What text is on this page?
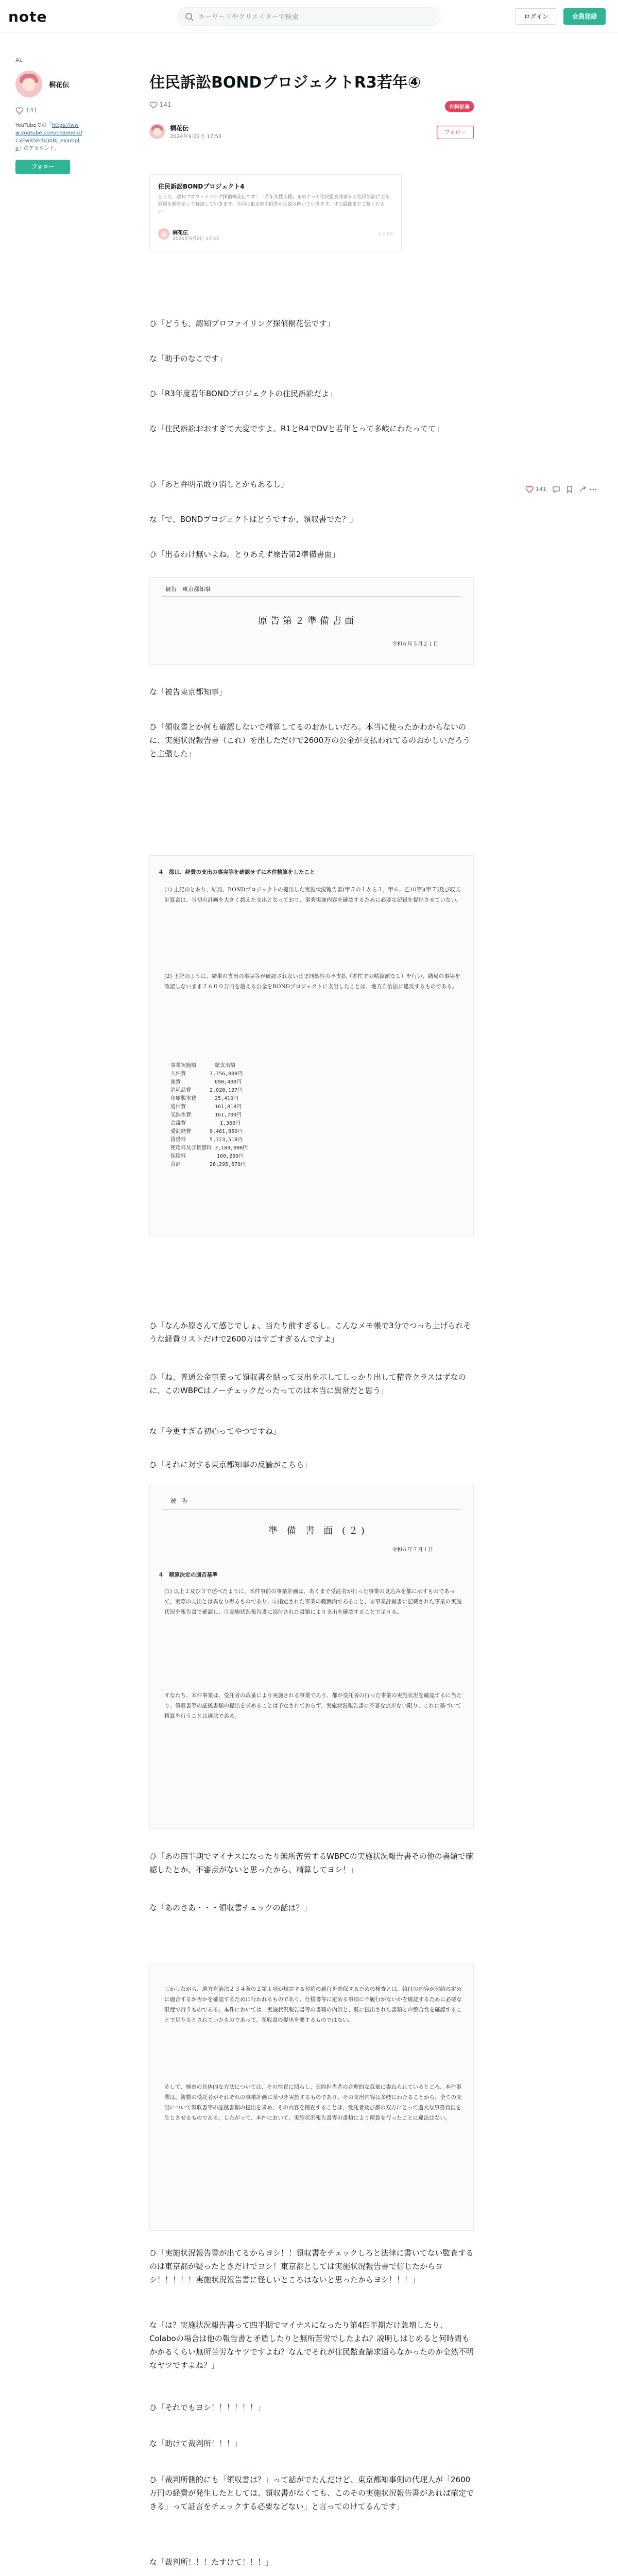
note
キーワードやクリエイターで検索	ログイン	会員登録
AL
桐花伝
141
YouTubeでの「https://www.youtube.com/channel/UCxFwB5PcbQ0BJ_example」のアカウント。
フォロー
住民訴訟BONDプロジェクトR3若年④
141	有料記事
桐花伝
2024年9月2日 17:53
フォロー
住民訴訟BONDプロジェクト4
どうも、認知プロファイリング探偵桐花伝です！「若年女性支援」をめぐって住民監査請求から住民訴訟に至る経緯を順を追って解説していきます。今回は東京都の回答から読み解いていきます。ぜひ最後までご覧ください。
桐花伝
2024年9月2日 17:53
note
141
ひ「どうも、認知プロファイリング探偵桐花伝です」
な「助手のなこです」
ひ「R3年度若年BONDプロジェクトの住民訴訟だよ」
な「住民訴訟おおすぎて大変ですよ。R1とR4でDVと若年とって多岐にわたってて」
ひ「あと弁明示敗り消しとかもあるし」
な「で、BONDプロジェクトはどうですか、領収書でた？」
ひ「出るわけ無いよね。とりあえず原告第2準備書面」
被告　東京都知事
原告第２準備書面
令和６年５月２１日
な「被告東京都知事」
ひ「領収書とか何も確認しないで精算してるのおかしいだろ。本当に使ったかわからないのに、実施状況報告書（これ）を出しただけで2600万の公金が支払われてるのおかしいだろうと主張した」
４　都は、経費の支出の事実等を確認せずに本件精算をしたこと
(1) 上記のとおり、結局、BONDプロジェクトの提出した実施状況報告書(甲５の１から３、甲６、乙10等)(甲７)及び収支計算書は、当初の計画を大きく超えた支出となっており、事業実施内容を確認するために必要な記録を提出させていない。
(2) 上記のように、結果の支出の事実等が確認されないまま同然性の不支払（本件での精算額なし）を行い、結局の事実を確認しないまま２６００万円を超える公金をBONDプロジェクトに支出したことは、地方自治法に違反するものである。
事業実施額　　　 総支出額
人件費　　　　 7,756,000円
旅費　　　　　　 690,400円
消耗品費　　　 2,028,127円
印刷製本費　　　 25,410円
通信費　　　　　 161,810円
光熱水費　　　　 161,700円
会議費　　　　　　 1,360円
委託経費　　　 9,461,850円
賃借料　　　　 5,723,510円
使用料及び賃借料 3,184,000円
保険料　　　　　　100,200円
合計　　　　　 26,295,679円
ひ「なんか原さんて感じでしょ、当たり前すぎるし。こんなメモ帳で3分でつっち上げられそうな経費リストだけで2600万はすごすぎるんですよ」
ひ「ね、普通公金事業って領収書を貼って支出を示してしっかり出して精査クラスはずなのに、このWBPCはノーチェックだったってのは本当に異常だと思う」
な「今更すぎる初心ってやつですね」
ひ「それに対する東京都知事の反論がこちら」
被　告
準 備 書 面 (２)
令和６年７月１日
４　精算決定の適否基準
(1) 以上２及び３で述べたように、本件事前の事業計画は、あくまで受託者が行った事業の見込みを都に示すものであって、実際の支出とは異なり得るものであり、①指定された事業の範囲内であること、②事業計画書に記載された事業の実施状況を報告書で確認し、③実施状況報告書に添付された書類により支出を確認することで足りる。
すなわち、本件事業は、受託者の裁量により実施される事業であり、都が受託者の行った事業の実施状況を確認するに当たり、領収書等の証拠書類の提出を求めることは予定されておらず、実施状況報告書に不審な点がない限り、これに基づいて精算を行うことは適法である。
ひ「あの四半期でマイナスになったり無所苦労するWBPCの実施状況報告書その他の書類で確認したとか、不審点がないと思ったから、精算してヨシ！」
な「あのさあ・・・領収書チェックの話は？」
しかしながら、地方自治法２３４条の２第１項が規定する契約の履行を確保するための検査とは、給付の内容が契約の定めに適合するか否かを確認するために行われるものであり、仕様書等に定める事項に不履行がないかを確認するために必要な限度で行うものである。本件においては、実施状況報告書等の書類の内容と、既に提出された書類との整合性を確認することで足りるとされていたものであって、領収書の提出を要するものではない。
そして、検査の具体的な方法については、その性質に照らし、契約担当者の合理的な裁量に委ねられているところ、本件事業は、複数の受託者がそれぞれの事業計画に基づき実施するものであり、その支出内容は多岐にわたることから、全ての支出について領収書等の証拠書類の提出を求め、その内容を精査することは、受託者及び都の双方にとって過大な事務負担を生じさせるものである。したがって、本件において、実施状況報告書等の書類により精算を行ったことに違法はない。
ひ「実施状況報告書が出てるからヨシ！！領収書をチェックしろと法律に書いてない監査するのは東京都が疑ったときだけでヨシ！東京都としては実施状況報告書で信じたからヨシ！！！！！実施状況報告書に怪しいところはないと思ったからヨシ！！！」
な「は？実施状況報告書って四半期でマイナスになったり第4四半期だけ急増したり、Colaboの場合は他の報告書と矛盾したりと無所苦労でしたよね？説明しはじめると何時間もかかるくらい無所苦労なヤツですよね？なんでそれが住民監査請求通らなかったのか全然不明なヤツですよね？」
ひ「それでもヨシ！！！！！！」
な「助けて裁判所！！！」
ひ「裁判所側的にも「領収書は？」って話がでたんだけど、東京都知事側の代理人が「2600万円の経費が発生したとしては、領収書がなくても、このその実施状況報告書があれば確定できる」って証言をチェックする必要などない」と言ってのけてるんです」
な「裁判所！！！たすけて！！！」
